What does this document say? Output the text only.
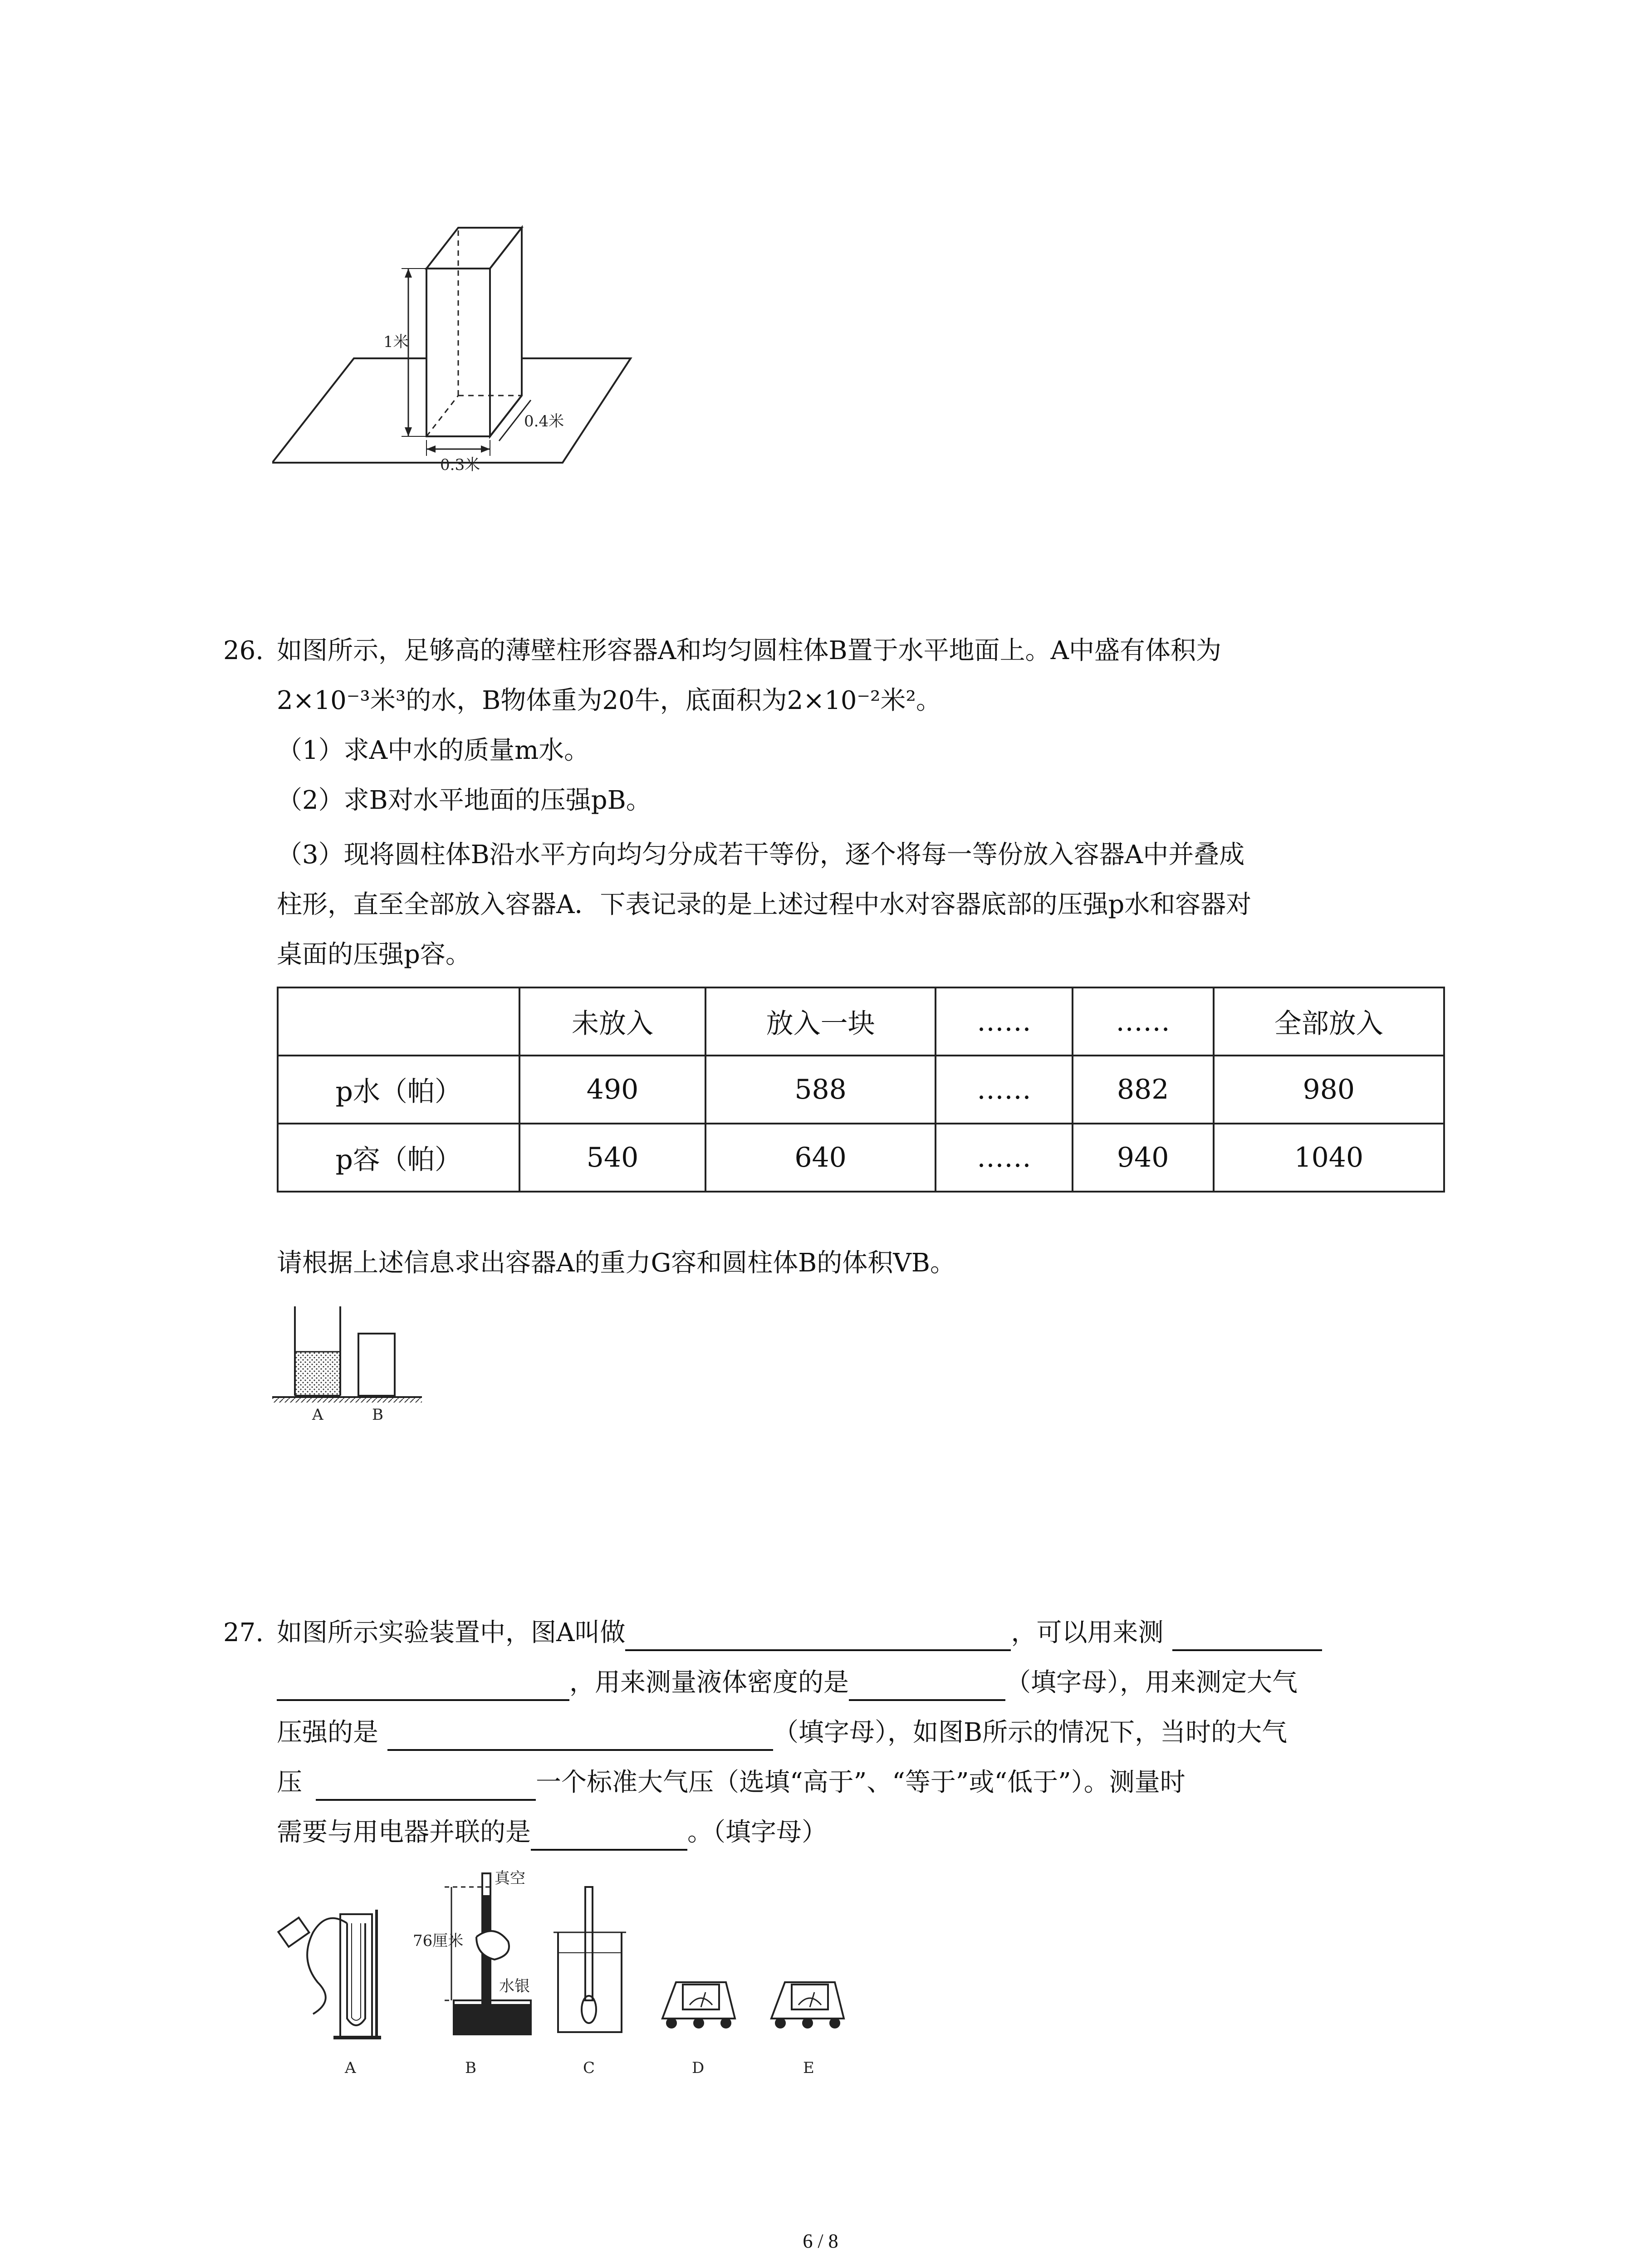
1米
0.4米
0.3米
26. 如图所示，足够高的薄壁柱形容器A和均匀圆柱体B置于水平地面上。A中盛有体积为
2×10⁻³米³的水，B物体重为20牛，底面积为2×10⁻²米²。
（1）求A中水的质量m水。
（2）求B对水平地面的压强pB。
（3）现将圆柱体B沿水平方向均匀分成若干等份，逐个将每一等份放入容器A中并叠成
柱形，直至全部放入容器A．下表记录的是上述过程中水对容器底部的压强p水和容器对
桌面的压强p容。
	未放入	放入一块	……	……	全部放入
p水（帕）	490	588	……	882	980
p容（帕）	540	640	……	940	1040
请根据上述信息求出容器A的重力G容和圆柱体B的体积VB。
A	B
27. 如图所示实验装置中，图A叫做	，可以用来测
，用来测量液体密度的是	（填字母），用来测定大气
压强的是	（填字母），如图B所示的情况下，当时的大气
压	一个标准大气压（选填“高于”、“等于”或“低于”）。测量时
需要与用电器并联的是	。（填字母）
真空
76厘米
水银
A	B	C	D	E
6 / 8
